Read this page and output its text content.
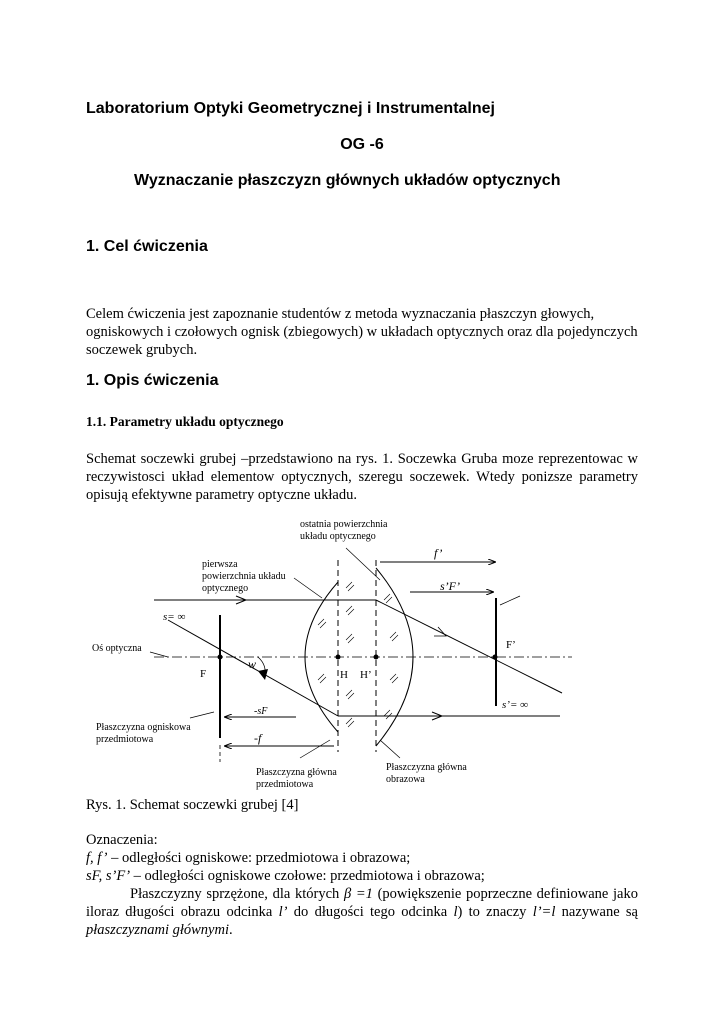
Laboratorium Optyki Geometrycznej i Instrumentalnej
OG -6
Wyznaczanie płaszczyzn głównych układów optycznych
1. Cel ćwiczenia
Celem ćwiczenia jest zapoznanie studentów z metoda wyznaczania płaszczyn głowych, ogniskowych i czołowych ognisk (zbiegowych) w układach optycznych oraz dla pojedynczych soczewek grubych.
1. Opis ćwiczenia
1.1. Parametry układu optycznego
Schemat soczewki grubej –przedstawiono na rys. 1. Soczewka Gruba moze reprezentowac w reczywistosci układ elementow optycznych, szeregu soczewek. Wtedy ponizsze parametry opisują efektywne parametry optyczne układu.
f’
s’F’
s= ∞
s’= ∞
F
F’
H H’
w
-sF
-f
ostatnia powierzchnia układu optycznego
pierwsza powierzchnia układu optycznego
Oś optyczna
Płaszczyzna ogniskowa przedmiotowa
Płaszczyzna główna przedmiotowa
Płaszczyzna główna obrazowa
Rys. 1. Schemat soczewki grubej [4]
Oznaczenia:
f, f’ – odległości ogniskowe: przedmiotowa i obrazowa;
sF, s’F’ – odległości ogniskowe czołowe: przedmiotowa i obrazowa;
Płaszczyzny sprzężone, dla których β =1 (powiększenie poprzeczne definiowane jako iloraz długości obrazu odcinka l’ do długości tego odcinka l) to znaczy l’=l nazywane są płaszczyznami głównymi.
